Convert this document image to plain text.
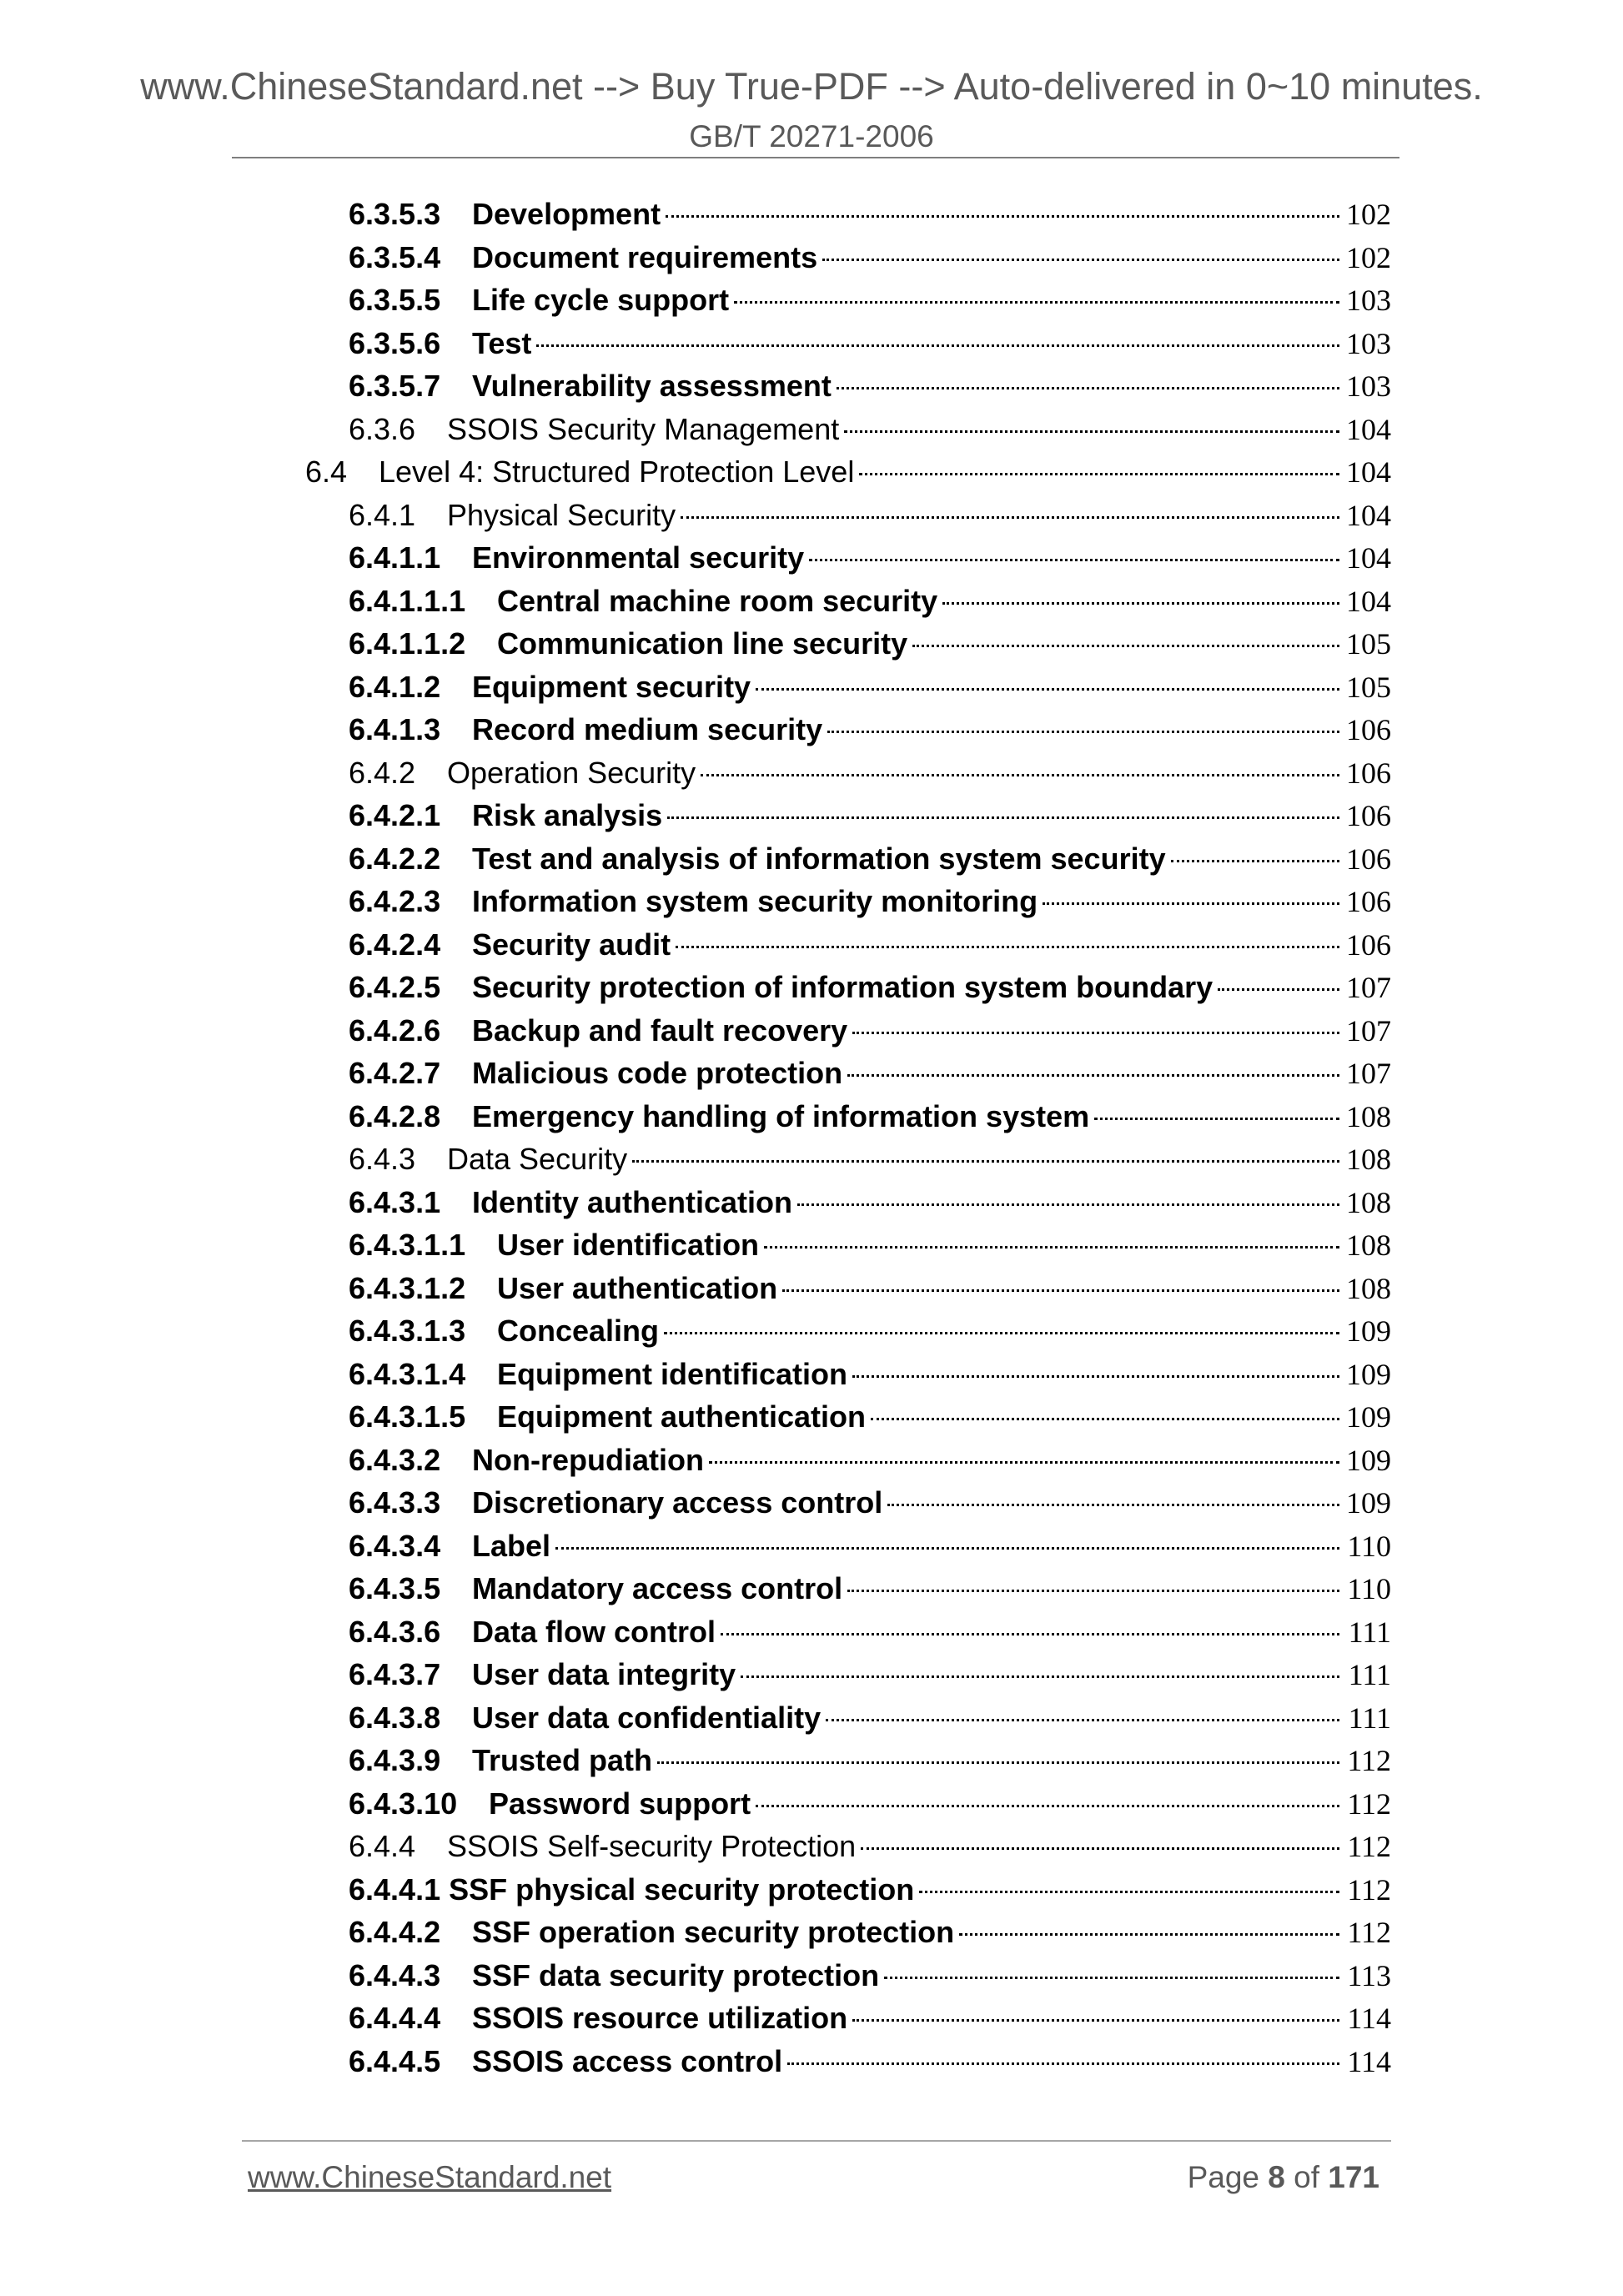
www.ChineseStandard.net --> Buy True-PDF --> Auto-delivered in 0~10 minutes.
GB/T 20271-2006
6.3.5.3	Development	102
6.3.5.4	Document requirements	102
6.3.5.5	Life cycle support	103
6.3.5.6	Test	103
6.3.5.7	Vulnerability assessment	103
6.3.6	SSOIS Security Management	104
6.4	Level 4: Structured Protection Level	104
6.4.1	Physical Security	104
6.4.1.1	Environmental security	104
6.4.1.1.1	Central machine room security	104
6.4.1.1.2	Communication line security	105
6.4.1.2	Equipment security	105
6.4.1.3	Record medium security	106
6.4.2	Operation Security	106
6.4.2.1	Risk analysis	106
6.4.2.2	Test and analysis of information system security	106
6.4.2.3	Information system security monitoring	106
6.4.2.4	Security audit	106
6.4.2.5	Security protection of information system boundary	107
6.4.2.6	Backup and fault recovery	107
6.4.2.7	Malicious code protection	107
6.4.2.8	Emergency handling of information system	108
6.4.3	Data Security	108
6.4.3.1	Identity authentication	108
6.4.3.1.1	User identification	108
6.4.3.1.2	User authentication	108
6.4.3.1.3	Concealing	109
6.4.3.1.4	Equipment identification	109
6.4.3.1.5	Equipment authentication	109
6.4.3.2	Non-repudiation	109
6.4.3.3	Discretionary access control	109
6.4.3.4	Label	110
6.4.3.5	Mandatory access control	110
6.4.3.6	Data flow control	111
6.4.3.7	User data integrity	111
6.4.3.8	User data confidentiality	111
6.4.3.9	Trusted path	112
6.4.3.10	Password support	112
6.4.4	SSOIS Self-security Protection	112
6.4.4.1 SSF physical security protection	112
6.4.4.2	SSF operation security protection	112
6.4.4.3	SSF data security protection	113
6.4.4.4	SSOIS resource utilization	114
6.4.4.5	SSOIS access control	114
www.ChineseStandard.net	Page 8 of 171
